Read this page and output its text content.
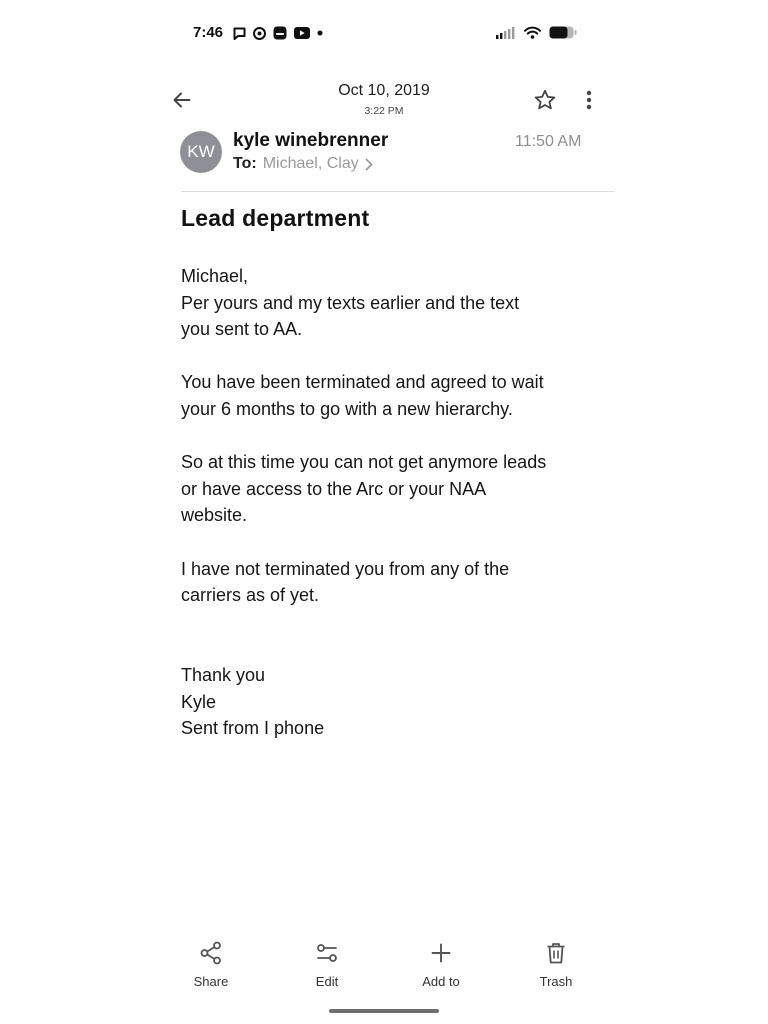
7:46
Oct 10, 2019
3:22 PM
KW
kyle winebrenner
To: Michael, Clay
11:50 AM
Lead department

Michael,

Per yours and my texts earlier and the text

you sent to AA.

You have been terminated and agreed to wait

your 6 months to go with a new hierarchy.

So at this time you can not get anymore leads

or have access to the Arc or your NAA

website.

I have not terminated you from any of the

carriers as of yet.

Thank you

Kyle

Sent from I phone

Share	Edit	Add to	Trash
